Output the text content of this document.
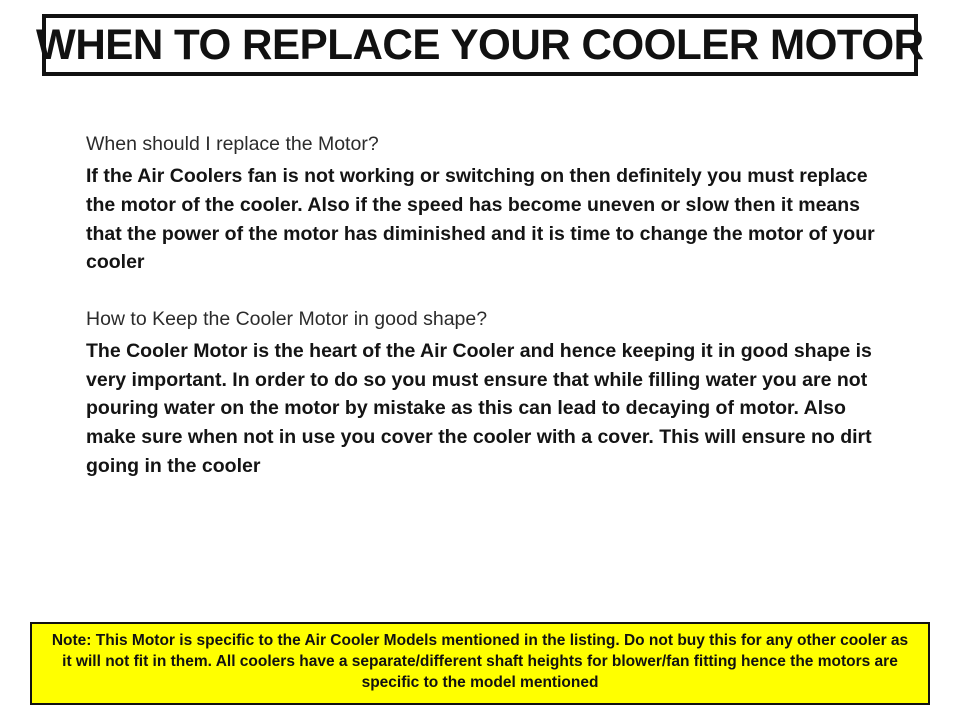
WHEN TO REPLACE YOUR COOLER MOTOR
When should I replace the Motor?
If the Air Coolers fan is not working or switching on then definitely you must replace the motor of the cooler. Also if the speed has become uneven or slow then it means that the power of the motor has diminished and it is time to change the motor of your cooler
How to Keep the Cooler Motor in good shape?
The Cooler Motor is the heart of the Air Cooler and hence keeping it in good shape is very important. In order to do so you must ensure that while filling water you are not pouring water on the motor by mistake as this can lead to decaying of motor. Also make sure when not in use you cover the cooler with a cover. This will ensure no dirt going in the cooler
Note: This Motor is specific to the Air Cooler Models mentioned in the listing. Do not buy this for any other cooler as it will not fit in them. All coolers have a separate/different shaft heights for blower/fan fitting hence the motors are specific to the model mentioned
